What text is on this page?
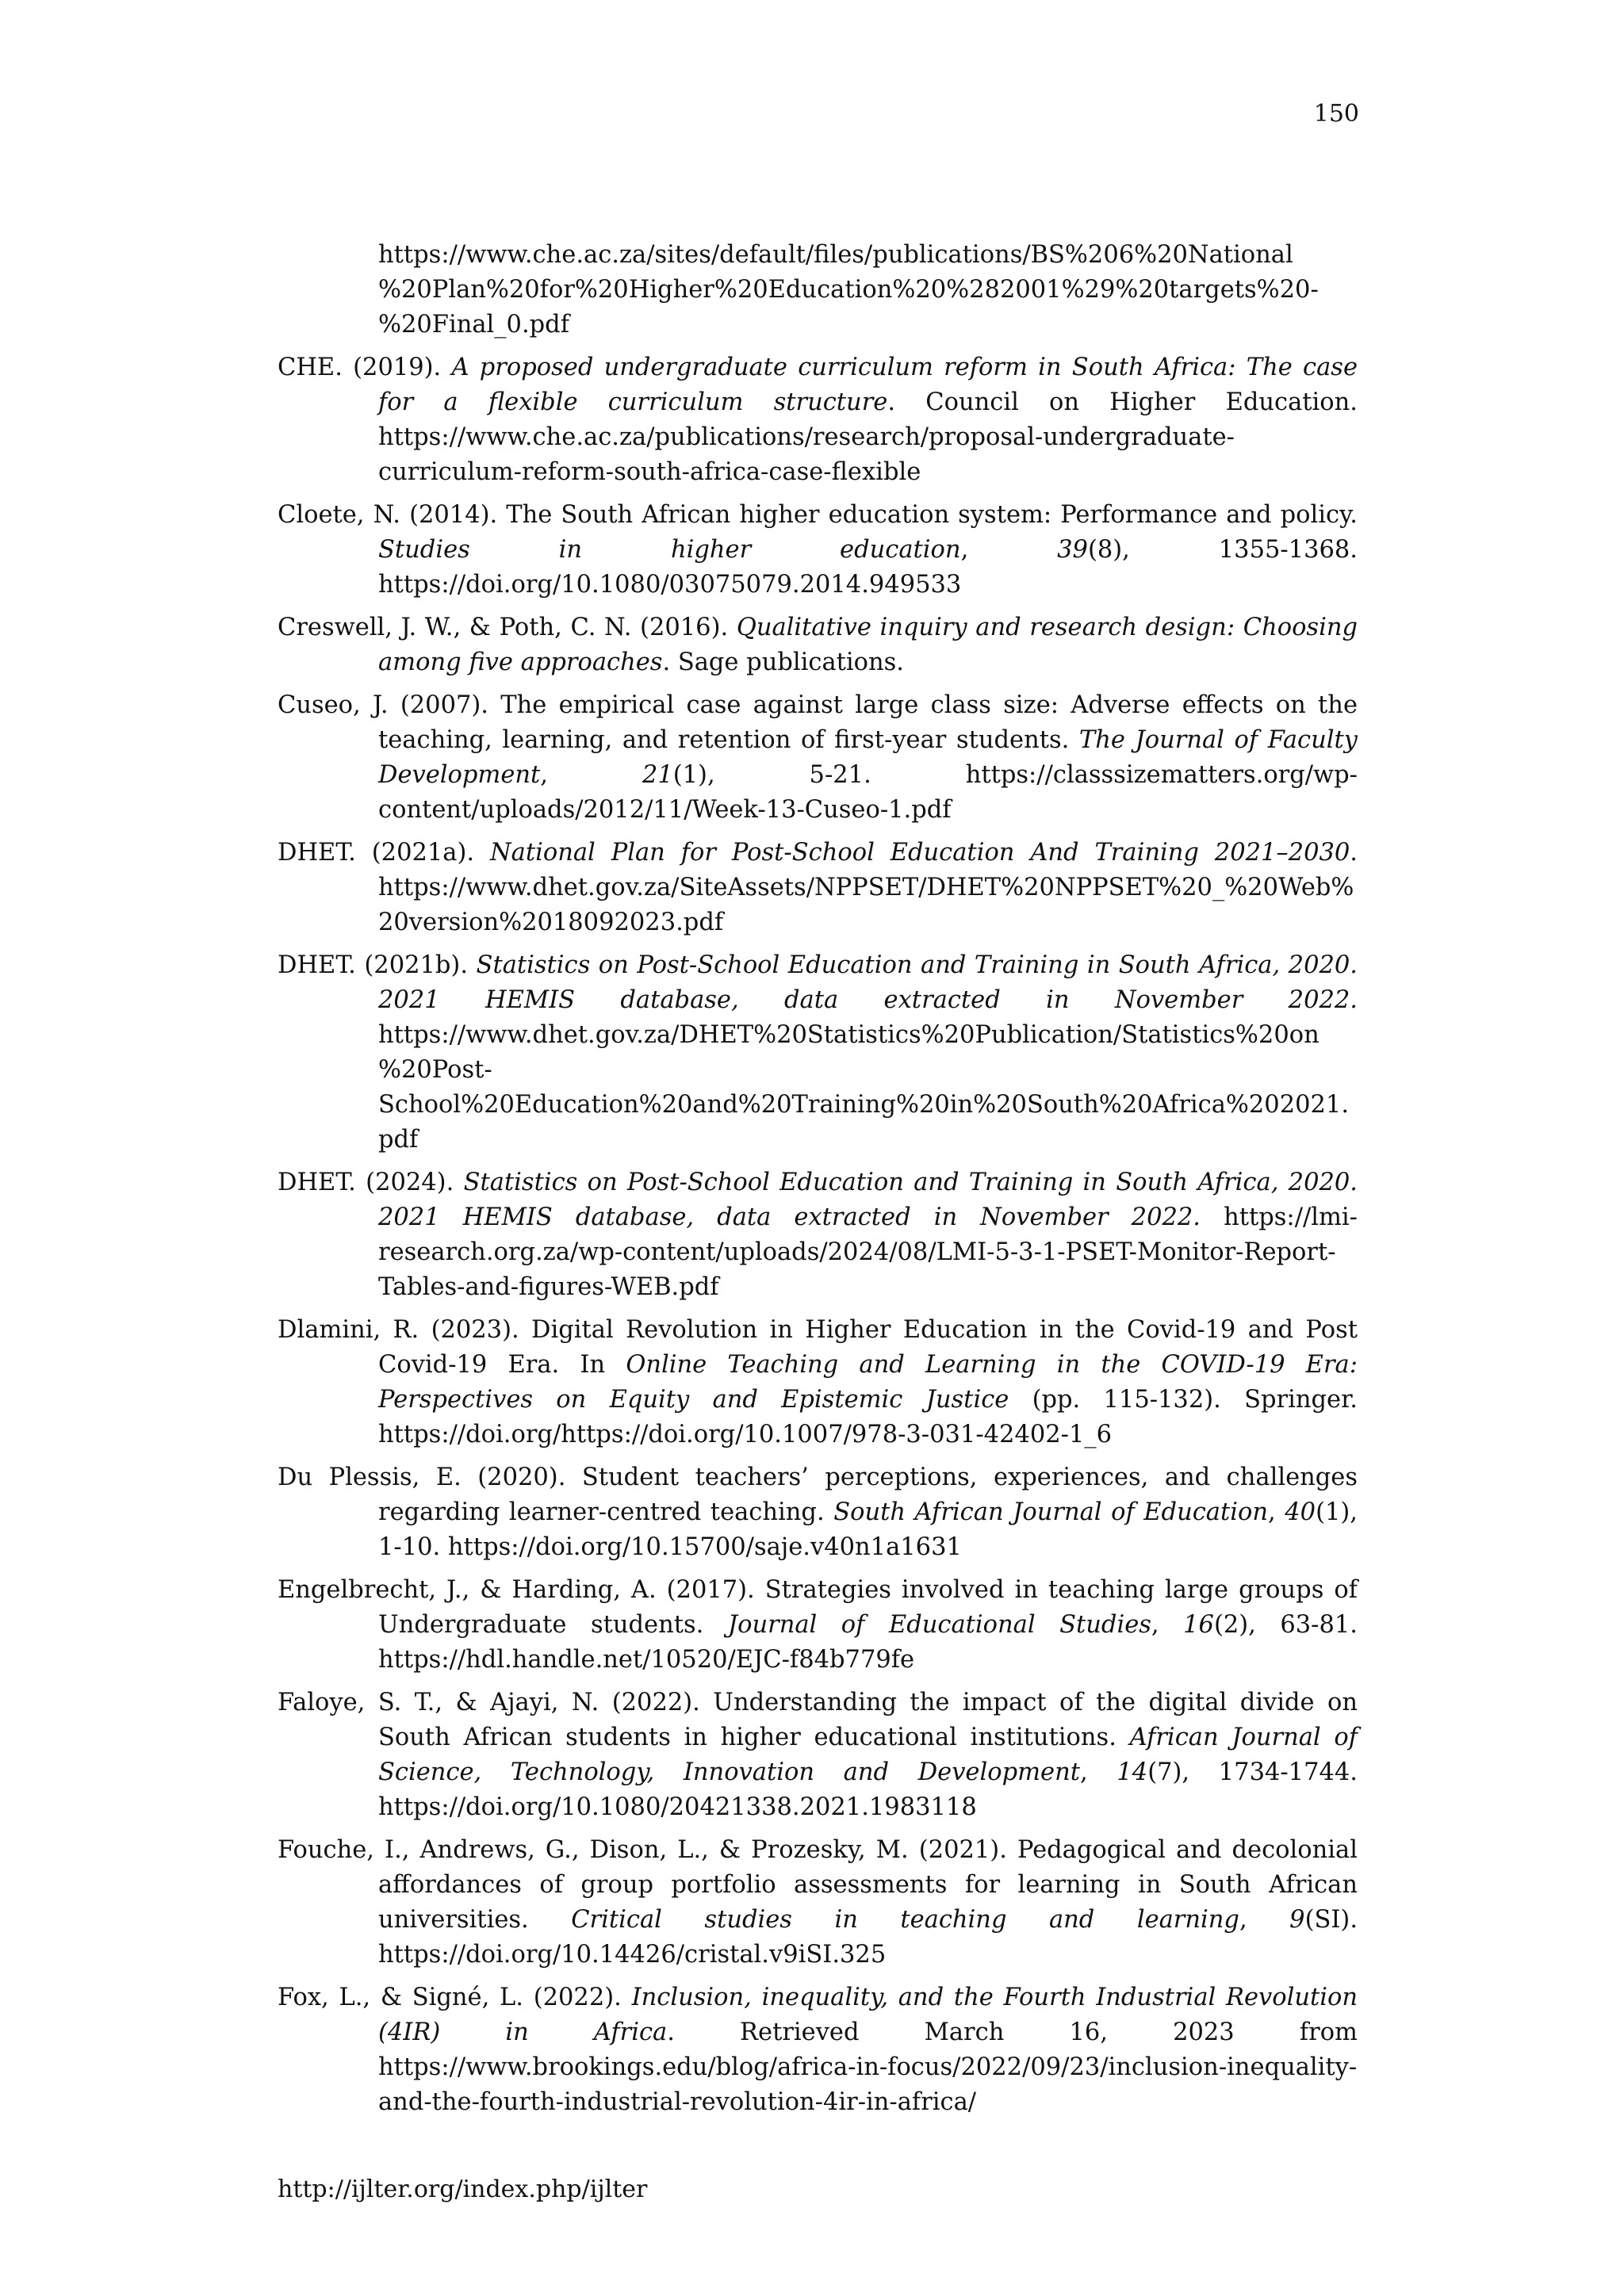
150

https://www.che.ac.za/sites/default/files/publications/BS%206%20National %20Plan%20for%20Higher%20Education%20%282001%29%20targets%20- %20Final_0.pdf

CHE. (2019). A proposed undergraduate curriculum reform in South Africa: The case for a flexible curriculum structure. Council on Higher Education. https://www.che.ac.za/publications/research/proposal-undergraduate-curriculum-reform-south-africa-case-flexible

Cloete, N. (2014). The South African higher education system: Performance and policy. Studies in higher education, 39(8), 1355-1368. https://doi.org/10.1080/03075079.2014.949533

Creswell, J. W., & Poth, C. N. (2016). Qualitative inquiry and research design: Choosing among five approaches. Sage publications.

Cuseo, J. (2007). The empirical case against large class size: Adverse effects on the teaching, learning, and retention of first-year students. The Journal of Faculty Development, 21(1), 5-21. https://classsizematters.org/wp-content/uploads/2012/11/Week-13-Cuseo-1.pdf

DHET. (2021a). National Plan for Post-School Education And Training 2021–2030. https://www.dhet.gov.za/SiteAssets/NPPSET/DHET%20NPPSET%20_%20Web%20version%2018092023.pdf

DHET. (2021b). Statistics on Post-School Education and Training in South Africa, 2020. 2021 HEMIS database, data extracted in November 2022. https://www.dhet.gov.za/DHET%20Statistics%20Publication/Statistics%20on %20Post-School%20Education%20and%20Training%20in%20South%20Africa%202021.pdf

DHET. (2024). Statistics on Post-School Education and Training in South Africa, 2020. 2021 HEMIS database, data extracted in November 2022. https://lmi-research.org.za/wp-content/uploads/2024/08/LMI-5-3-1-PSET-Monitor-Report-Tables-and-figures-WEB.pdf

Dlamini, R. (2023). Digital Revolution in Higher Education in the Covid-19 and Post Covid-19 Era. In Online Teaching and Learning in the COVID-19 Era: Perspectives on Equity and Epistemic Justice (pp. 115-132). Springer. https://doi.org/https://doi.org/10.1007/978-3-031-42402-1_6

Du Plessis, E. (2020). Student teachers’ perceptions, experiences, and challenges regarding learner-centred teaching. South African Journal of Education, 40(1), 1-10. https://doi.org/10.15700/saje.v40n1a1631

Engelbrecht, J., & Harding, A. (2017). Strategies involved in teaching large groups of Undergraduate students. Journal of Educational Studies, 16(2), 63-81. https://hdl.handle.net/10520/EJC-f84b779fe

Faloye, S. T., & Ajayi, N. (2022). Understanding the impact of the digital divide on South African students in higher educational institutions. African Journal of Science, Technology, Innovation and Development, 14(7), 1734-1744. https://doi.org/10.1080/20421338.2021.1983118

Fouche, I., Andrews, G., Dison, L., & Prozesky, M. (2021). Pedagogical and decolonial affordances of group portfolio assessments for learning in South African universities. Critical studies in teaching and learning, 9(SI). https://doi.org/10.14426/cristal.v9iSI.325

Fox, L., & Signé, L. (2022). Inclusion, inequality, and the Fourth Industrial Revolution (4IR) in Africa. Retrieved March 16, 2023 from https://www.brookings.edu/blog/africa-in-focus/2022/09/23/inclusion-inequality-and-the-fourth-industrial-revolution-4ir-in-africa/

http://ijlter.org/index.php/ijlter
